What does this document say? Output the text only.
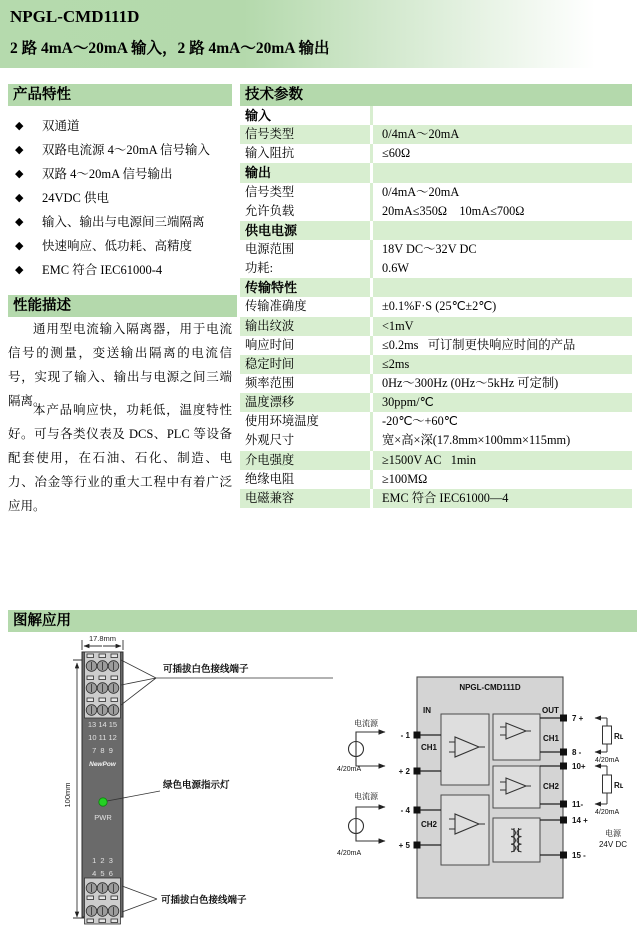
NPGL-CMD111D
2 路 4mA～20mA 输入，2 路 4mA～20mA 输出
产品特性
◆	双通道
◆	双路电流源 4～20mA 信号输入
◆	双路 4～20mA 信号输出
◆	24VDC 供电
◆	输入、输出与电源间三端隔离
◆	快速响应、低功耗、高精度
◆	EMC 符合 IEC61000-4
性能描述

通用型电流输入隔离器，用于电流信号的测量，变送输出隔离的电流信号，实现了输入、输出与电源之间三端隔离。

本产品响应快，功耗低，温度特性好。可与各类仪表及 DCS、PLC 等设备配套使用，在石油、石化、制造、电力、冶金等行业的重大工程中有着广泛应用。

技术参数
输入
信号类型	0/4mA～20mA
输入阻抗	≤60Ω
输出
信号类型	0/4mA～20mA
允许负载	20mA≤350Ω    10mA≤700Ω
供电电源
电源范围	18V DC～32V DC
功耗:	0.6W
传输特性
传输准确度	±0.1%F·S (25℃±2℃)
输出纹波	<1mV
响应时间	≤0.2ms   可订制更快响应时间的产品
稳定时间	≤2ms
频率范围	0Hz～300Hz (0Hz～5kHz 可定制)
温度漂移	30ppm/℃
使用环境温度	-20℃～+60℃
外观尺寸	宽×高×深(17.8mm×100mm×115mm)
介电强度	≥1500V AC   1min
绝缘电阻	≥100MΩ
电磁兼容	EMC 符合 IEC61000—4
图解应用
17.8mm
100mm
13 14 15
10 11 12
7  8  9
NewPow
PWR
1  2  3
4  5  6
可插拔白色接线端子
绿色电源指示灯
可插拔白色接线端子
NPGL-CMD111D
IN	OUT
CH1
CH2
CH1
CH2
- 1
+ 2
- 4
+ 5
电流源
4/20mA
电流源
4/20mA
7 +
8 -
10+
11-
14 +
15 -
Rʟ
4/20mA
Rʟ
4/20mA
电源
24V DC
